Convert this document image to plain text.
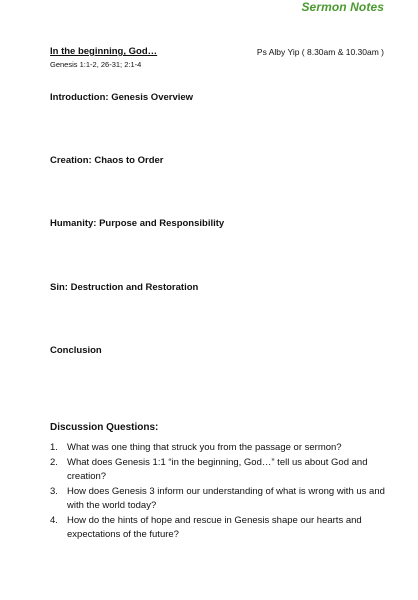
Sermon Notes
In the beginning, God…	Ps Alby Yip ( 8.30am & 10.30am )
Genesis 1:1-2, 26-31; 2:1-4
Introduction: Genesis Overview
Creation: Chaos to Order
Humanity: Purpose and Responsibility
Sin: Destruction and Restoration
Conclusion
Discussion Questions:
1. What was one thing that struck you from the passage or sermon?
2. What does Genesis 1:1 “in the beginning, God…” tell us about God and creation?
3. How does Genesis 3 inform our understanding of what is wrong with us and with the world today?
4. How do the hints of hope and rescue in Genesis shape our hearts and expectations of the future?
